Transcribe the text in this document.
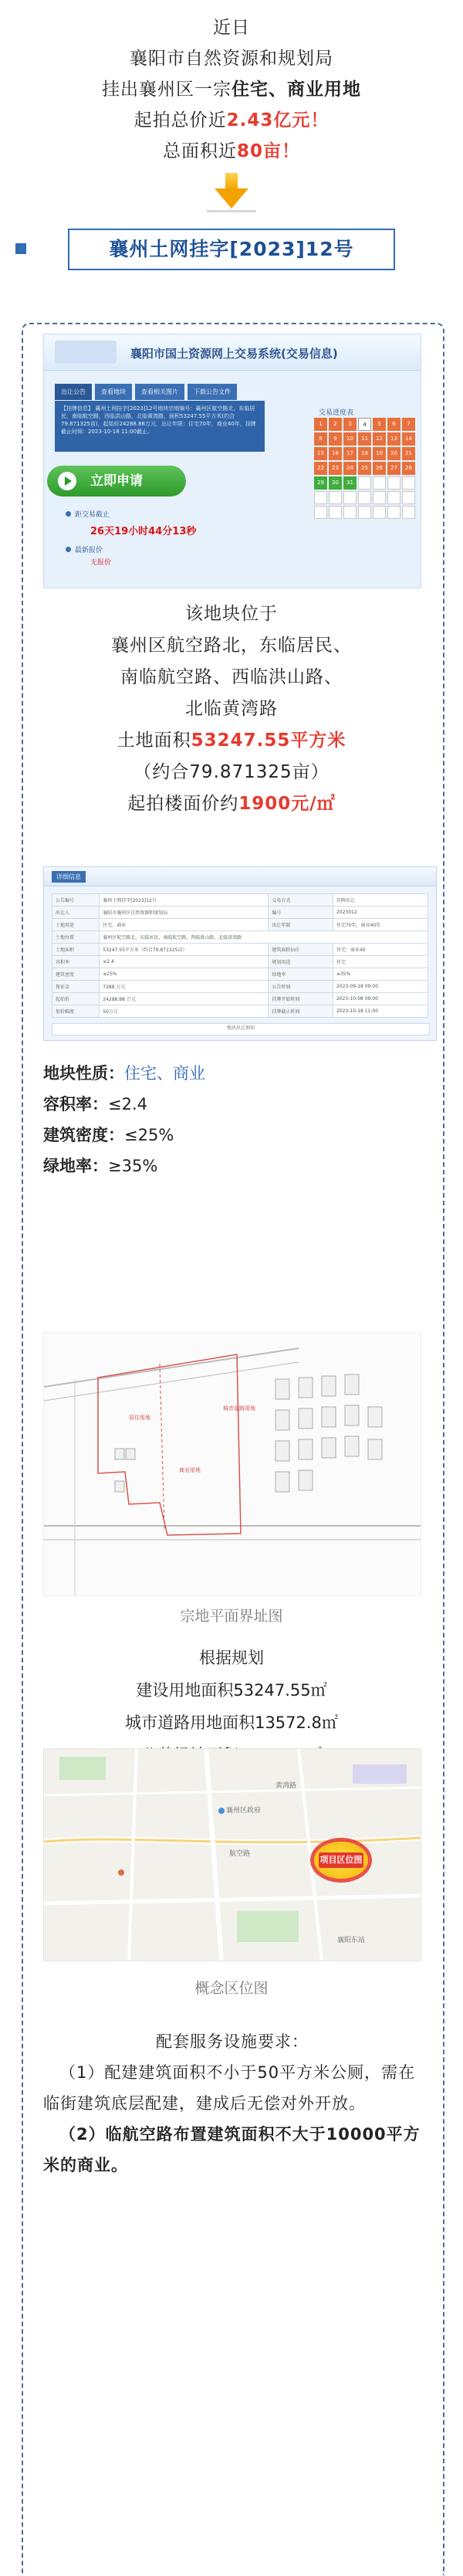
近日

襄阳市自然资源和规划局

挂出襄州区一宗住宅、商业用地

起拍总价近2.43亿元！

总面积近80亩！

襄州土网挂字[2023]12号
襄阳市国土资源网上交易系统(交易信息)
出让公告	查看地块	查看相关图片	下载公告文件
【挂牌信息】 襄州土网挂字[2023]12号地块宗地编号：襄州区航空路北，东临居民，南临航空路，西临洪山路，北临黄湾路，面积53247.55平方米(约合79.871325亩)，起始价24288.88万元，出让年限：住宅70年，商业40年，挂牌截止时间：2023-10-18 11:00截止。
立即申请
距交易截止
26天19小时44分13秒
最新报价
无报价
交易进度表
1	2	3	4	5	6	7
8	9	10	11	12	13	14
15	16	17	18	19	20	21
22	23	24	25	26	27	28
29	30	31

该地块位于

襄州区航空路北，东临居民、

南临航空路、西临洪山路、

北临黄湾路

土地面积53247.55平方米

（约合79.871325亩）

起拍楼面价约1900元/㎡

详细信息
公告编号	襄州土网挂字[2023]12号	交易方式	挂牌出让
出让人	襄阳市襄州区自然资源和规划局	编号	2023012
土地用途	住宅、商业	出让年限	住宅70年，商业40年
土地位置	襄州区航空路北，东临居民，南临航空路，西临洪山路，北临黄湾路		
土地面积	53247.55平方米（约合79.871325亩）	建筑面积(㎡)	住宅：商业40
容积率	≤2.4	规划用途	住宅
建筑密度	≤25%	绿地率	≥35%
保证金	7288 万元	公告时间	2023-09-18 09:00
起始价	24288.88 万元	挂牌开始时间	2023-10-08 09:00
加价幅度	50万元	挂牌截止时间	2023-10-18 11:00
地块出让须知

地块性质：住宅、商业

容积率：≤2.4

建筑密度：≤25%

绿地率：≥35%

居住用地
商业用地
城市道路用地
宗地平面界址图

根据规划

建设用地面积53247.55㎡

城市道路用地面积13572.8㎡

航空路
襄州区政府
襄阳东站
黄湾路
项目区位图
概念区位图

配套服务设施要求：

（1）配建建筑面积不小于50平方米公厕，需在临街建筑底层配建，建成后无偿对外开放。

（2）临航空路布置建筑面积不大于10000平方米的商业。
